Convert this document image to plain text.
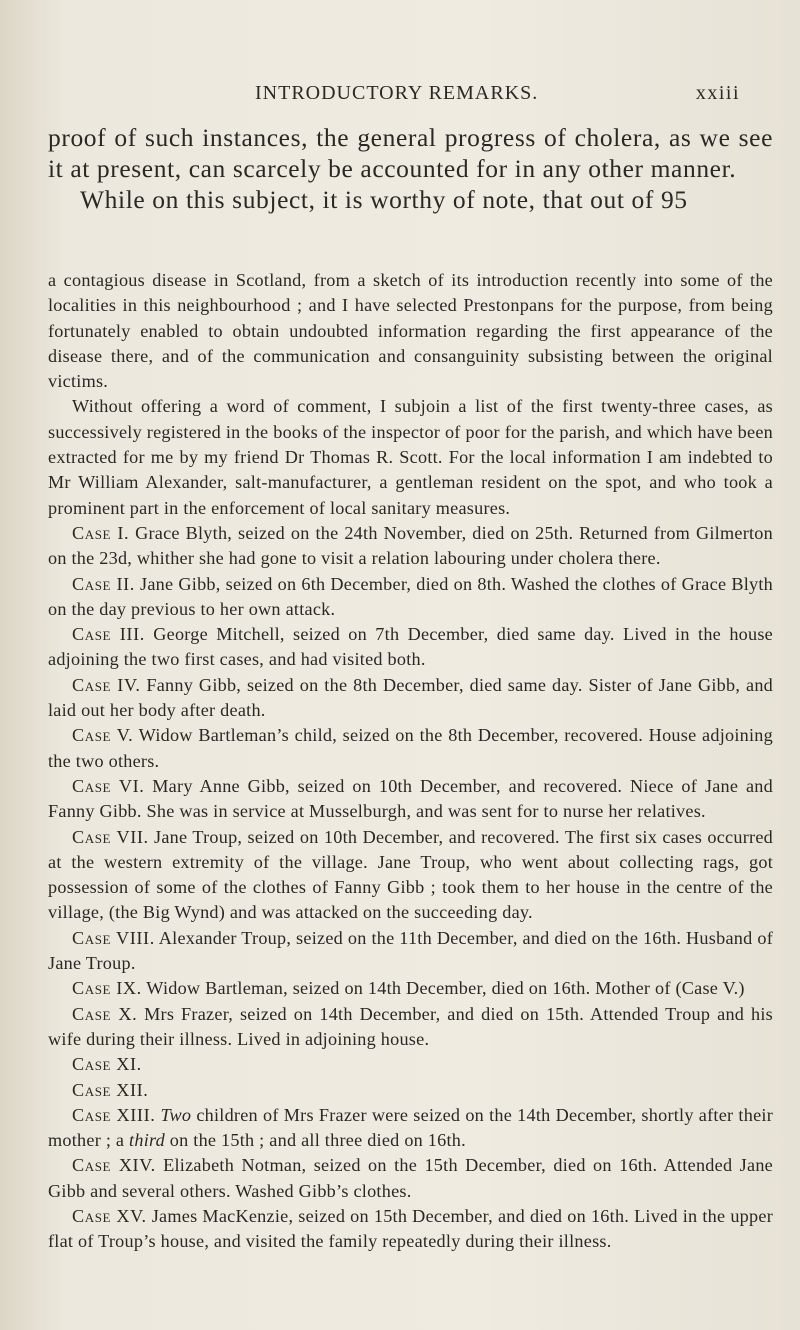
INTRODUCTORY REMARKS.	xxiii

proof of such instances, the general progress of cholera, as we see it at present, can scarcely be accounted for in any other manner.

While on this subject, it is worthy of note, that out of 95

a contagious disease in Scotland, from a sketch of its introduction recently into some of the localities in this neighbourhood ; and I have selected Prestonpans for the purpose, from being fortunately enabled to obtain undoubted information regarding the first appearance of the disease there, and of the communication and consanguinity subsisting between the original victims.

Without offering a word of comment, I subjoin a list of the first twenty-three cases, as successively registered in the books of the inspector of poor for the parish, and which have been extracted for me by my friend Dr Thomas R. Scott. For the local information I am indebted to Mr William Alexander, salt-manufacturer, a gentleman resident on the spot, and who took a prominent part in the enforcement of local sanitary measures.

Case I. Grace Blyth, seized on the 24th November, died on 25th. Returned from Gilmerton on the 23d, whither she had gone to visit a relation labouring under cholera there.

Case II. Jane Gibb, seized on 6th December, died on 8th. Washed the clothes of Grace Blyth on the day previous to her own attack.

Case III. George Mitchell, seized on 7th December, died same day. Lived in the house adjoining the two first cases, and had visited both.

Case IV. Fanny Gibb, seized on the 8th December, died same day. Sister of Jane Gibb, and laid out her body after death.

Case V. Widow Bartleman’s child, seized on the 8th December, recovered. House adjoining the two others.

Case VI. Mary Anne Gibb, seized on 10th December, and recovered. Niece of Jane and Fanny Gibb. She was in service at Musselburgh, and was sent for to nurse her relatives.

Case VII. Jane Troup, seized on 10th December, and recovered. The first six cases occurred at the western extremity of the village. Jane Troup, who went about collecting rags, got possession of some of the clothes of Fanny Gibb ; took them to her house in the centre of the village, (the Big Wynd) and was attacked on the succeeding day.

Case VIII. Alexander Troup, seized on the 11th December, and died on the 16th. Husband of Jane Troup.

Case IX. Widow Bartleman, seized on 14th December, died on 16th. Mother of (Case V.)

Case X. Mrs Frazer, seized on 14th December, and died on 15th. Attended Troup and his wife during their illness. Lived in adjoining house.

Case XI.

Case XII.

Case XIII. Two children of Mrs Frazer were seized on the 14th December, shortly after their mother ; a third on the 15th ; and all three died on 16th.

Case XIV. Elizabeth Notman, seized on the 15th December, died on 16th. Attended Jane Gibb and several others. Washed Gibb’s clothes.

Case XV. James MacKenzie, seized on 15th December, and died on 16th. Lived in the upper flat of Troup’s house, and visited the family repeatedly during their illness.
